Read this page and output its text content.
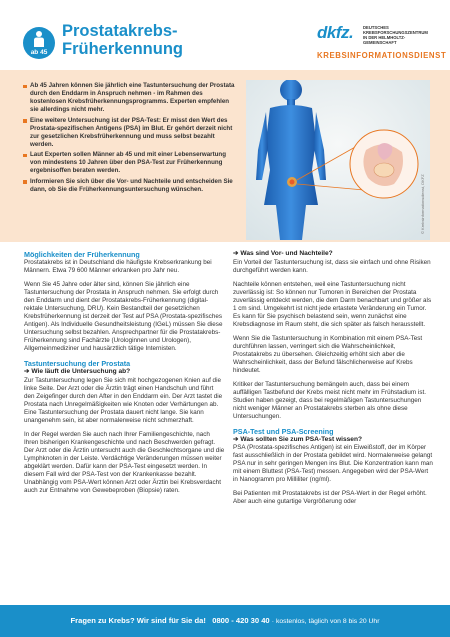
ab 45
Prostatakrebs-
Früherkennung
dkfz. DEUTSCHES
KREBSFORSCHUNGSZENTRUM
IN DER HELMHOLTZ-GEMEINSCHAFT
KREBSINFORMATIONSDIENST
Ab 45 Jahren können Sie jährlich eine Tastuntersuchung der Prostata durch den Enddarm in Anspruch nehmen - im Rahmen des kostenlosen Krebsfrüherkennungsprogramms. Experten empfehlen sie allerdings nicht mehr.
Eine weitere Untersuchung ist der PSA-Test: Er misst den Wert des Prostata-spezifischen Antigens (PSA) im Blut. Er gehört derzeit nicht zur gesetzlichen Krebsfrüherkennung und muss selbst bezahlt werden.
Laut Experten sollen Männer ab 45 und mit einer Lebenserwartung von mindestens 10 Jahren über den PSA-Test zur Früherkennung ergebnisoffen beraten werden.
Informieren Sie sich über die Vor- und Nachteile und entscheiden Sie dann, ob Sie die Früherkennungsuntersuchung wünschen.	© Krebsinformationsdienst, DKFZ
Möglichkeiten der Früherkennung

Prostatakrebs ist in Deutschland die häufigste Krebserkrankung bei Männern. Etwa 79 600 Männer erkranken pro Jahr neu.

Wenn Sie 45 Jahre oder älter sind, können Sie jährlich eine Tastuntersuchung der Prostata in Anspruch nehmen. Sie erfolgt durch den Enddarm und dient der Prostatakrebs-Früherkennung (digital-rektale Untersuchung, DRU). Kein Bestandteil der gesetzlichen Krebsfrüherkennung ist derzeit der Test auf PSA (Prostata-spezifisches Antigen). Als Individuelle Gesundheitsleistung (IGeL) müssen Sie diese Untersuchung selbst bezahlen. Ansprechpartner für die Prostatakrebs-Früherkennung sind Fachärzte (Urologinnen und Urologen), Allgemeinmediziner und hausärztlich tätige Internisten.

Tastuntersuchung der Prostata
➔ Wie läuft die Untersuchung ab?

Zur Tastuntersuchung legen Sie sich mit hochgezogenen Knien auf die linke Seite. Der Arzt oder die Ärztin trägt einen Handschuh und führt den Zeigefinger durch den After in den Enddarm ein. Der Arzt tastet die Prostata nach Unregelmäßigkeiten wie Knoten oder Verhärtungen ab. Eine Tastuntersuchung der Prostata dauert nicht lange. Sie kann unangenehm sein, ist aber normalerweise nicht schmerzhaft.

In der Regel werden Sie auch nach Ihrer Familiengeschichte, nach Ihren bisherigen Krankengeschichte und nach Beschwerden gefragt. Der Arzt oder die Ärztin untersucht auch die Geschlechtsorgane und die Lymphknoten in der Leiste. Verdächtige Veränderungen müssen weiter abgeklärt werden. Dafür kann der PSA-Test eingesetzt werden. In diesem Fall wird der PSA-Test von der Krankenkasse bezahlt. Unabhängig vom PSA-Wert können Arzt oder Ärztin bei Krebsverdacht auch zur Entnahme von Gewebeproben (Biopsie) raten.

➔ Was sind Vor- und Nachteile?

Ein Vorteil der Tastuntersuchung ist, dass sie einfach und ohne Risiken durchgeführt werden kann.

Nachteile können entstehen, weil eine Tastuntersuchung nicht zuverlässig ist: So können nur Tumoren in Bereichen der Prostata zuverlässig entdeckt werden, die dem Darm benachbart und größer als 1 cm sind. Umgekehrt ist nicht jede ertastete Veränderung ein Tumor. Es kann für Sie psychisch belastend sein, wenn zunächst eine Krebsdiagnose im Raum steht, die sich später als falsch herausstellt.

Wenn Sie die Tastuntersuchung in Kombination mit einem PSA-Test durchführen lassen, verringert sich die Wahrscheinlichkeit, Prostatakrebs zu übersehen. Gleichzeitig erhöht sich aber die Wahrscheinlichkeit, dass der Befund fälschlicherweise auf Krebs hindeutet.

Kritiker der Tastuntersuchung bemängeln auch, dass bei einem auffälligen Tastbefund der Krebs meist nicht mehr im Frühstadium ist. Studien haben gezeigt, dass bei regelmäßigen Tastuntersuchungen nicht weniger Männer an Prostatakrebs sterben als ohne diese Untersuchungen.

PSA-Test und PSA-Screening
➔ Was sollten Sie zum PSA-Test wissen?

PSA (Prostata-spezifisches Antigen) ist ein Eiweißstoff, der im Körper fast ausschließlich in der Prostata gebildet wird. Normalerweise gelangt PSA nur in sehr geringen Mengen ins Blut. Die Konzentration kann man mit einem Bluttest (PSA-Test) messen. Angegeben wird der PSA-Wert in Nanogramm pro Milliliter (ng/ml).

Bei Patienten mit Prostatakrebs ist der PSA-Wert in der Regel erhöht. Aber auch eine gutartige Vergrößerung oder

Fragen zu Krebs? Wir sind für Sie da! 0800 - 420 30 40 · kostenlos, täglich von 8 bis 20 Uhr
